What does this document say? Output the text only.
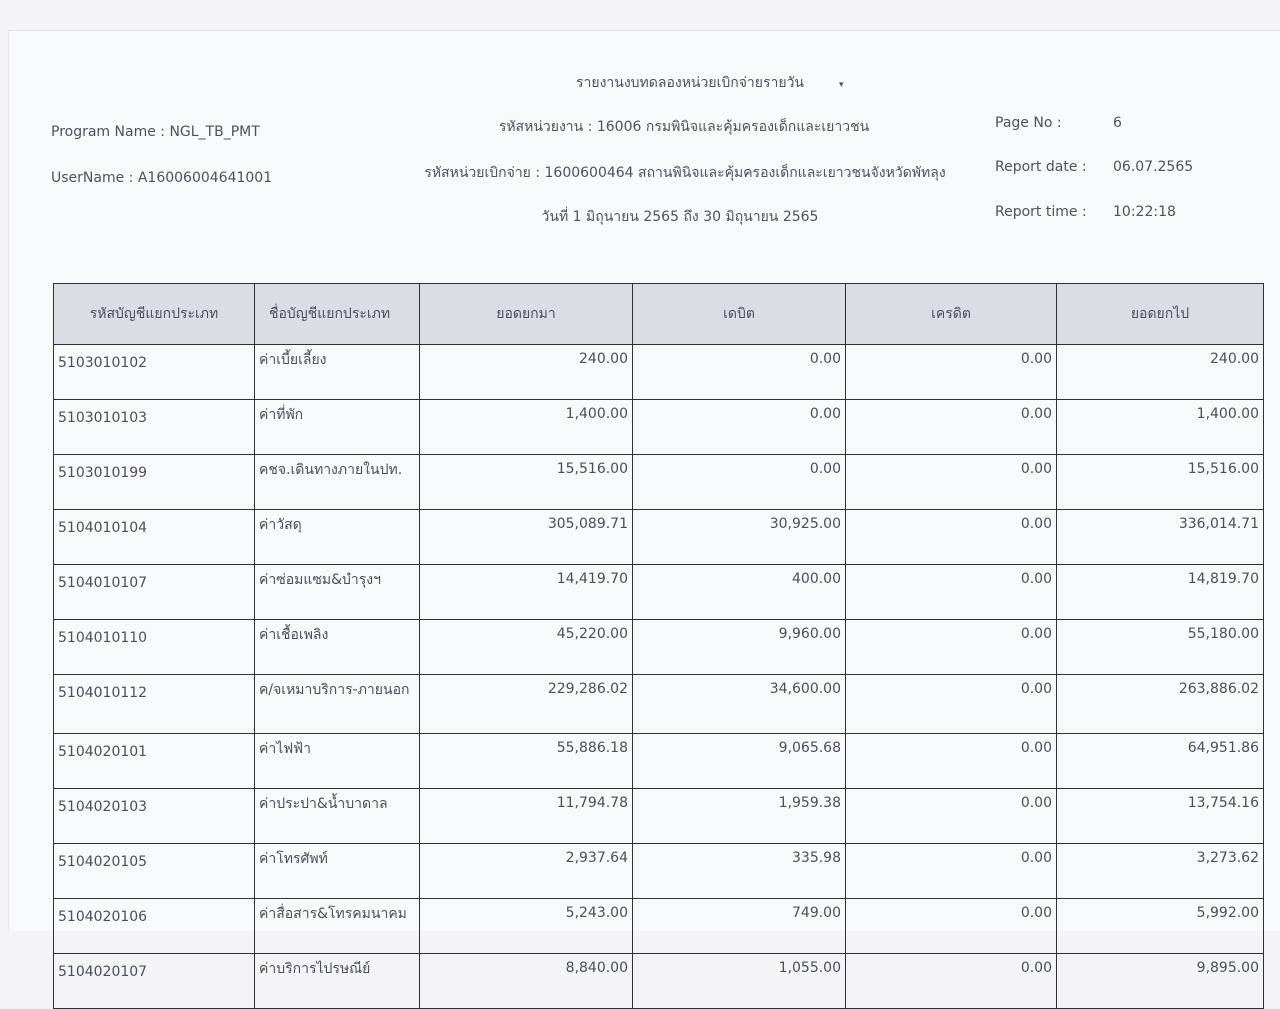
รายงานงบทดลองหน่วยเบิกจ่ายรายวัน	▾
Program Name : NGL_TB_PMT
UserName : A16006004641001
รหัสหน่วยงาน : 16006 กรมพินิจและคุ้มครองเด็กและเยาวชน
รหัสหน่วยเบิกจ่าย : 1600600464 สถานพินิจและคุ้มครองเด็กและเยาวชนจังหวัดพัทลุง
วันที่ 1 มิถุนายน 2565 ถึง 30 มิถุนายน 2565
Page No :	6
Report date : 06.07.2565
Report time : 10:22:18
รหัสบัญชีแยกประเภท	ชื่อบัญชีแยกประเภท	ยอดยกมา	เดบิต	เครดิต	ยอดยกไป
5103010102	ค่าเบี้ยเลี้ยง	240.00	0.00	0.00	240.00
5103010103	ค่าที่พัก	1,400.00	0.00	0.00	1,400.00
5103010199	คชจ.เดินทางภายในปท.	15,516.00	0.00	0.00	15,516.00
5104010104	ค่าวัสดุ	305,089.71	30,925.00	0.00	336,014.71
5104010107	ค่าซ่อมแซม&บำรุงฯ	14,419.70	400.00	0.00	14,819.70
5104010110	ค่าเชื้อเพลิง	45,220.00	9,960.00	0.00	55,180.00
5104010112	ค/จเหมาบริการ-ภายนอก	229,286.02	34,600.00	0.00	263,886.02
5104020101	ค่าไฟฟ้า	55,886.18	9,065.68	0.00	64,951.86
5104020103	ค่าประปา&น้ำบาดาล	11,794.78	1,959.38	0.00	13,754.16
5104020105	ค่าโทรศัพท์	2,937.64	335.98	0.00	3,273.62
5104020106	ค่าสื่อสาร&โทรคมนาคม	5,243.00	749.00	0.00	5,992.00
5104020107	ค่าบริการไปรษณีย์	8,840.00	1,055.00	0.00	9,895.00
